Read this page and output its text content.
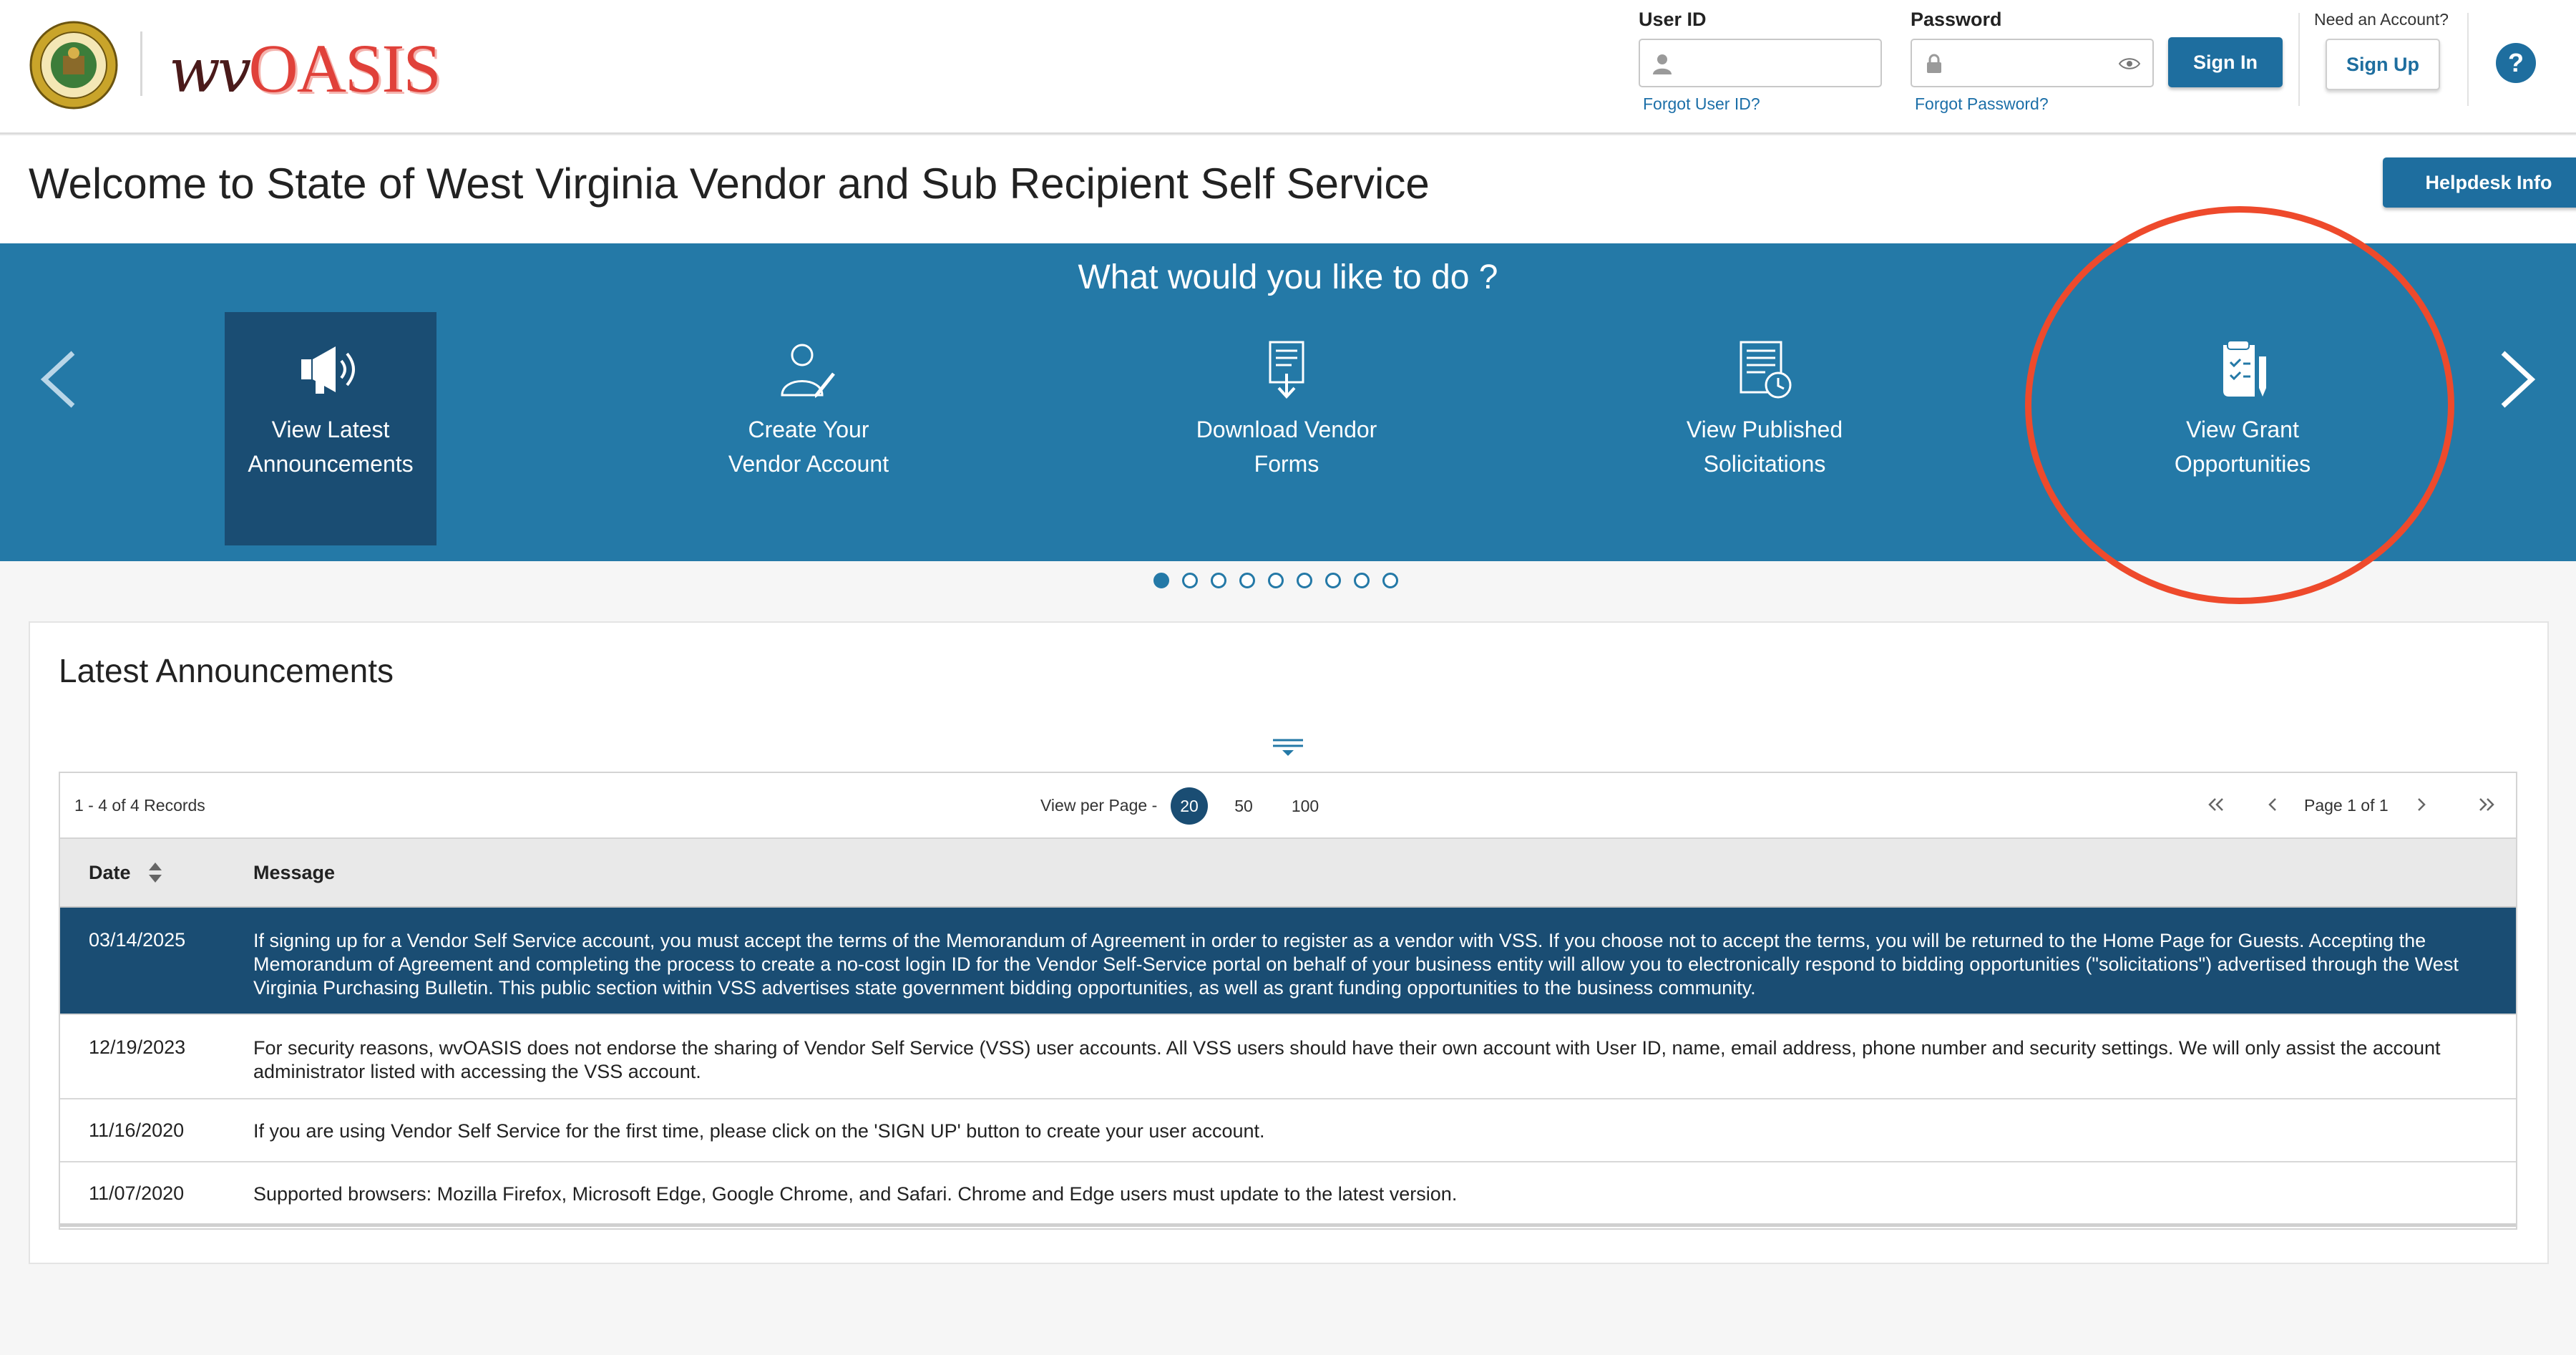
wv OASIS
User ID
Forgot User ID?
Password
Forgot Password?
Sign In
Need an Account?
Sign Up	?
Welcome to State of West Virginia Vendor and Sub Recipient Self Service	Helpdesk Info
What would you like to do ?
View Latest
Announcements
Create Your
Vendor Account
Download Vendor
Forms
View Published
Solicitations
View Grant
Opportunities
Latest Announcements
1 - 4 of 4 Records	View per Page -	20	50	100	Page 1 of 1
Date	Message
03/14/2025	If signing up for a Vendor Self Service account, you must accept the terms of the Memorandum of Agreement in order to register as a vendor with VSS. If you choose not to accept the terms, you will be returned to the Home Page for Guests. Accepting the Memorandum of Agreement and completing the process to create a no-cost login ID for the Vendor Self-Service portal on behalf of your business entity will allow you to electronically respond to bidding opportunities ("solicitations") advertised through the West Virginia Purchasing Bulletin. This public section within VSS advertises state government bidding opportunities, as well as grant funding opportunities to the business community.
12/19/2023	For security reasons, wvOASIS does not endorse the sharing of Vendor Self Service (VSS) user accounts. All VSS users should have their own account with User ID, name, email address, phone number and security settings. We will only assist the account administrator listed with accessing the VSS account.
11/16/2020	If you are using Vendor Self Service for the first time, please click on the 'SIGN UP' button to create your user account.
11/07/2020	Supported browsers: Mozilla Firefox, Microsoft Edge, Google Chrome, and Safari. Chrome and Edge users must update to the latest version.
